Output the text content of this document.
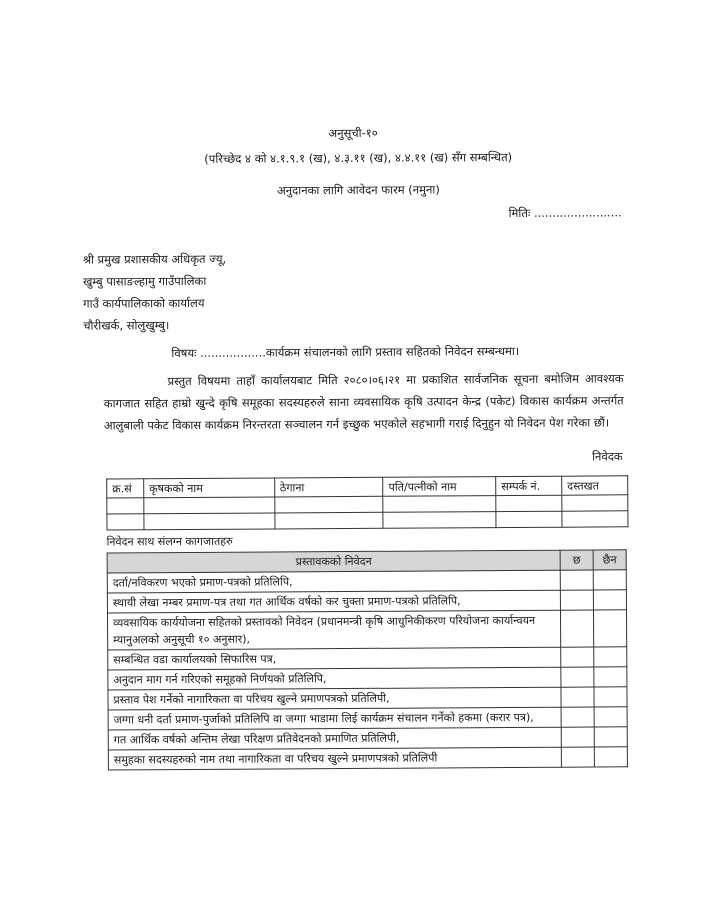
अनुसूची-१०
(परिच्छेद ४ को ४.१.९.१ (ख), ४.३.११ (ख), ४.४.११ (ख) सँग सम्बन्धित)
अनुदानका लागि आवेदन फारम (नमुना)
मितिः ........................
श्री प्रमुख प्रशासकीय अधिकृत ज्यू,
खुम्बु पासाङल्हामु गाउँपालिका
गाउँ कार्यपालिकाको कार्यालय
चौरीखर्क, सोलुखुम्बु।
विषयः ..................कार्यक्रम संचालनको लागि प्रस्ताव सहितको निवेदन सम्बन्धमा।
प्रस्तुत विषयमा ताहाँ कार्यालयबाट मिति २०८०।०६।२१ मा प्रकाशित सार्वजनिक सूचना बमोजिम आवश्यक कागजात सहित हाम्रो खुन्दे कृषि समूहका सदस्यहरुले साना व्यवसायिक कृषि उत्पादन केन्द्र (पकेट) विकास कार्यक्रम अन्तर्गत आलुबाली पकेट विकास कार्यक्रम निरन्तरता सञ्चालन गर्न इच्छुक भएकोले सहभागी गराई दिनुहुन यो निवेदन पेश गरेका छौं।
निवेदक
क्र.सं	कृषकको नाम	ठेगाना	पति/पत्नीको नाम	सम्पर्क नं.	दस्तखत

निवेदन साथ संलग्न कागजातहरु
प्रस्तावकको निवेदन	छ	छैन
दर्ता/नविकरण भएको प्रमाण-पत्रको प्रतिलिपि,		
स्थायी लेखा नम्बर प्रमाण-पत्र तथा गत आर्थिक वर्षको कर चुक्ता प्रमाण-पत्रको प्रतिलिपि,		
व्यवसायिक कार्ययोजना सहितको प्रस्तावको निवेदन (प्रधानमन्त्री कृषि आधुनिकीकरण परियोजना कार्यान्वयन म्यानुअलको अनुसूची १० अनुसार),		
सम्बन्धित वडा कार्यालयको सिफारिस पत्र,		
अनुदान माग गर्न गरिएको समूहको निर्णयको प्रतिलिपि,		
प्रस्ताव पेश गर्नेको नागारिकता वा परिचय खुल्ने प्रमाणपत्रको प्रतिलिपी,		
जग्गा धनी दर्ता प्रमाण-पुर्जाको प्रतिलिपि वा जग्गा भाडामा लिई कार्यक्रम संचालन गर्नेको हकमा (करार पत्र),		
गत आर्थिक वर्षको अन्तिम लेखा परिक्षण प्रतिवेदनको प्रमाणित प्रतिलिपी,		
समुहका सदस्यहरुको नाम तथा नागारिकता वा परिचय खुल्ने प्रमाणपत्रको प्रतिलिपी		
